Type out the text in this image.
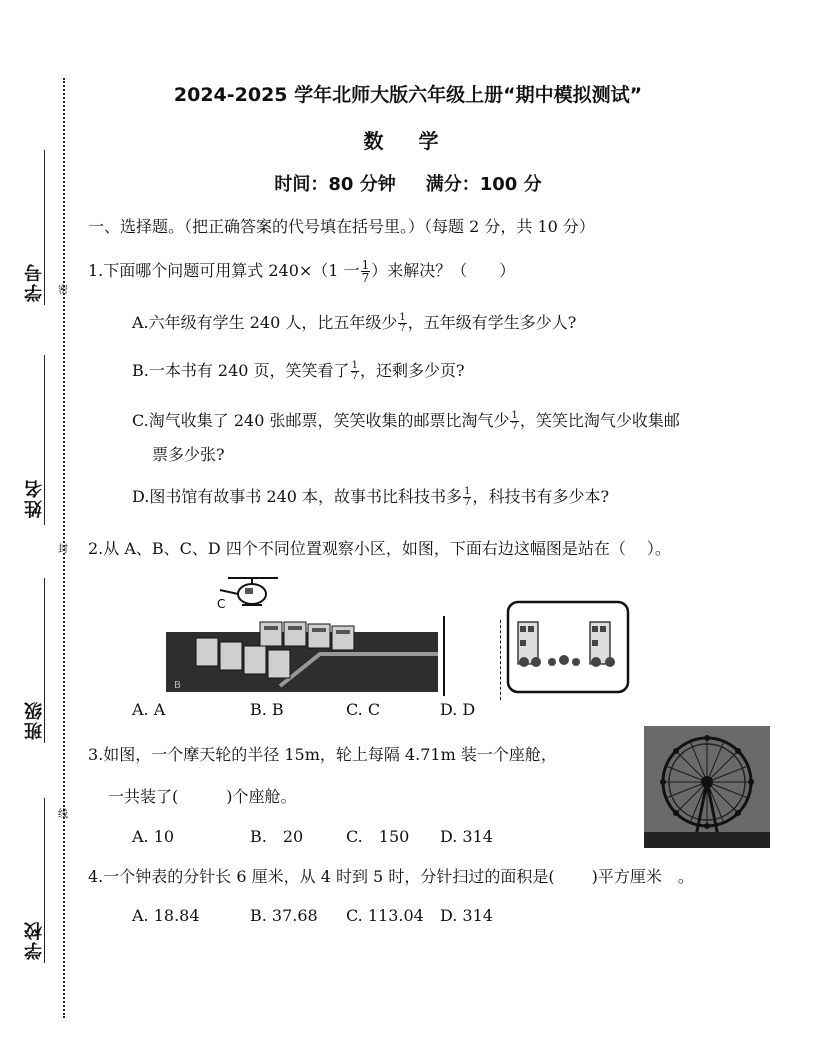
学号
姓名
班级
学校
密
封
线
2024-2025 学年北师大版六年级上册“期中模拟测试”
数 学
时间：80 分钟 满分：100 分
一、选择题。（把正确答案的代号填在括号里。）（每题 2 分，共 10 分）
1.下面哪个问题可用算式 240×（1 一 $\frac{1}{7}$ ）来解决？（　　）
A.六年级有学生 240 人，比五年级少 $\frac{1}{7}$ ，五年级有学生多少人?
B.一本书有 240 页，笑笑看了 $\frac{1}{7}$ ，还剩多少页?
C.淘气收集了 240 张邮票，笑笑收集的邮票比淘气少 $\frac{1}{7}$ ，笑笑比淘气少收集邮
票多少张?
D.图书馆有故事书 240 本，故事书比科技书多 $\frac{1}{7}$ ，科技书有多少本?
2.从 A、B、C、D 四个不同位置观察小区，如图，下面右边这幅图是站在（　 ）。
C
B
A. A	B. B	C. C	D. D
3.如图，一个摩天轮的半径 15m，轮上每隔 4.71m 装一个座舱，
一共装了(　　　)个座舱。
A. 10	B.　20	C.　150 D. 314
4.一个钟表的分针长 6 厘米，从 4 时到 5 时，分针扫过的面积是(　　 )平方厘米　。
A. 18.84	B. 37.68 C. 113.04 D. 314
